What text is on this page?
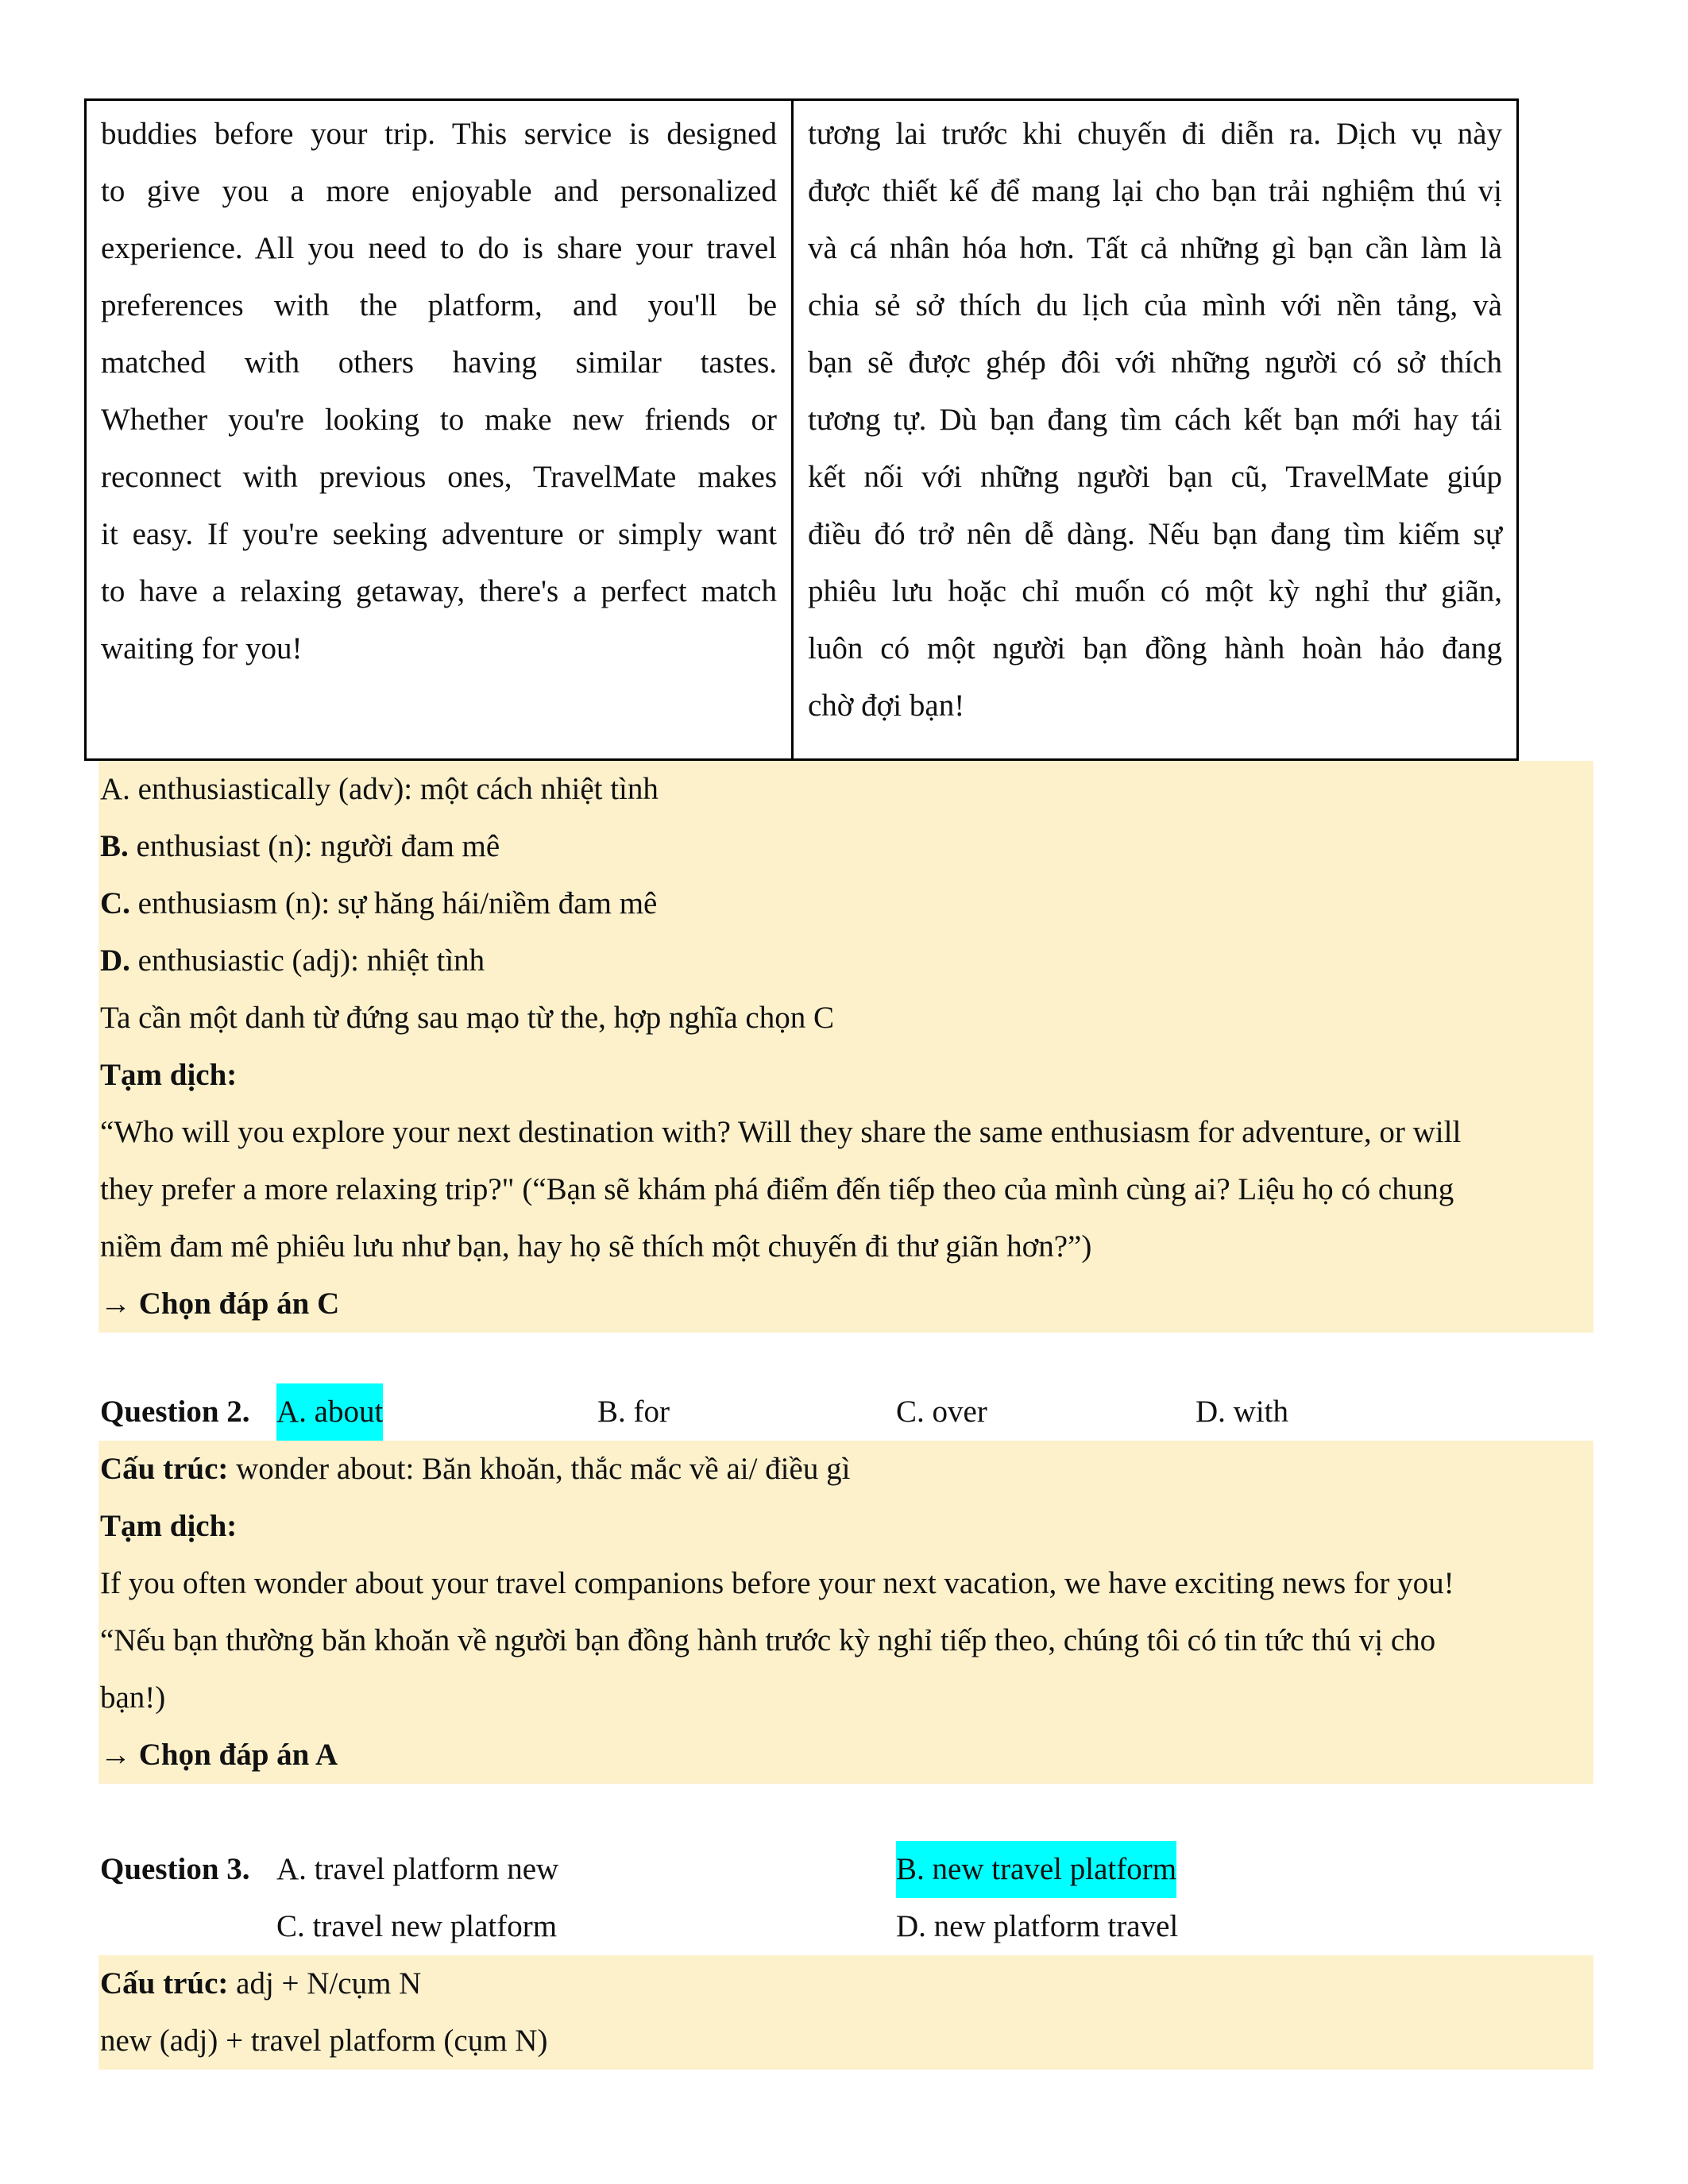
buddies before your trip. This service is designed
to give you a more enjoyable and personalized
experience. All you need to do is share your travel
preferences with the platform, and you'll be
matched with others having similar tastes.
Whether you're looking to make new friends or
reconnect with previous ones, TravelMate makes
it easy. If you're seeking adventure or simply want
to have a relaxing getaway, there's a perfect match
waiting for you!
tương lai trước khi chuyến đi diễn ra. Dịch vụ này
được thiết kế để mang lại cho bạn trải nghiệm thú vị
và cá nhân hóa hơn. Tất cả những gì bạn cần làm là
chia sẻ sở thích du lịch của mình với nền tảng, và
bạn sẽ được ghép đôi với những người có sở thích
tương tự. Dù bạn đang tìm cách kết bạn mới hay tái
kết nối với những người bạn cũ, TravelMate giúp
điều đó trở nên dễ dàng. Nếu bạn đang tìm kiếm sự
phiêu lưu hoặc chỉ muốn có một kỳ nghỉ thư giãn,
luôn có một người bạn đồng hành hoàn hảo đang
chờ đợi bạn!
A. enthusiastically (adv): một cách nhiệt tình
B. enthusiast (n): người đam mê
C. enthusiasm (n): sự hăng hái/niềm đam mê
D. enthusiastic (adj): nhiệt tình
Ta cần một danh từ đứng sau mạo từ the, hợp nghĩa chọn C
Tạm dịch:
“Who will you explore your next destination with? Will they share the same enthusiasm for adventure, or will
they prefer a more relaxing trip?" (“Bạn sẽ khám phá điểm đến tiếp theo của mình cùng ai? Liệu họ có chung
niềm đam mê phiêu lưu như bạn, hay họ sẽ thích một chuyến đi thư giãn hơn?”)
→ Chọn đáp án C
Question 2. A. about	B. for	C. over	D. with
Cấu trúc: wonder about: Băn khoăn, thắc mắc về ai/ điều gì
Tạm dịch:
If you often wonder about your travel companions before your next vacation, we have exciting news for you!
“Nếu bạn thường băn khoăn về người bạn đồng hành trước kỳ nghỉ tiếp theo, chúng tôi có tin tức thú vị cho
bạn!)
→ Chọn đáp án A
Question 3. A. travel platform new	B. new travel platform
C. travel new platform	D. new platform travel
Cấu trúc: adj + N/cụm N
new (adj) + travel platform (cụm N)
